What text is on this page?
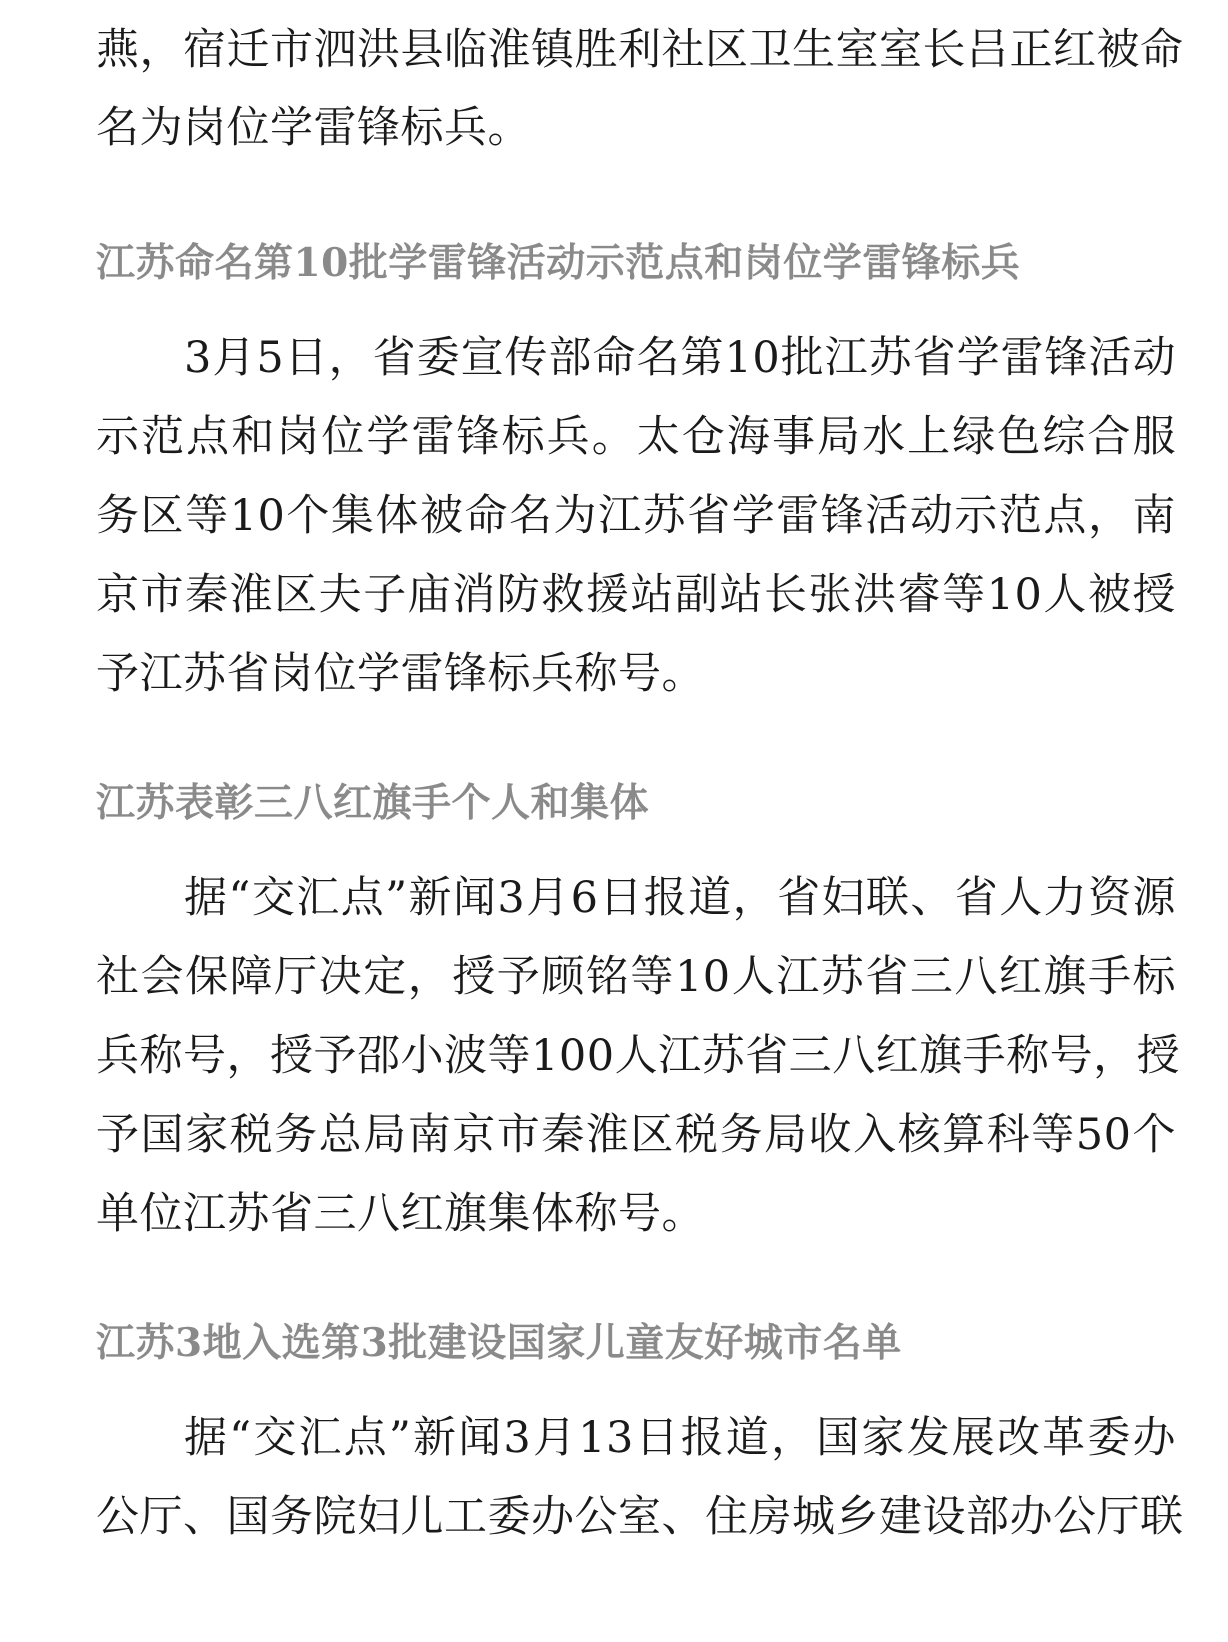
燕，宿迁市泗洪县临淮镇胜利社区卫生室室长吕正红被命
名为岗位学雷锋标兵。
江苏命名第10批学雷锋活动示范点和岗位学雷锋标兵
3月5日，省委宣传部命名第10批江苏省学雷锋活动
示范点和岗位学雷锋标兵。太仓海事局水上绿色综合服
务区等10个集体被命名为江苏省学雷锋活动示范点，南
京市秦淮区夫子庙消防救援站副站长张洪睿等10人被授
予江苏省岗位学雷锋标兵称号。
江苏表彰三八红旗手个人和集体
据“交汇点”新闻3月6日报道，省妇联、省人力资源
社会保障厅决定，授予顾铭等10人江苏省三八红旗手标
兵称号，授予邵小波等100人江苏省三八红旗手称号，授
予国家税务总局南京市秦淮区税务局收入核算科等50个
单位江苏省三八红旗集体称号。
江苏3地入选第3批建设国家儿童友好城市名单
据“交汇点”新闻3月13日报道，国家发展改革委办
公厅、国务院妇儿工委办公室、住房城乡建设部办公厅联
